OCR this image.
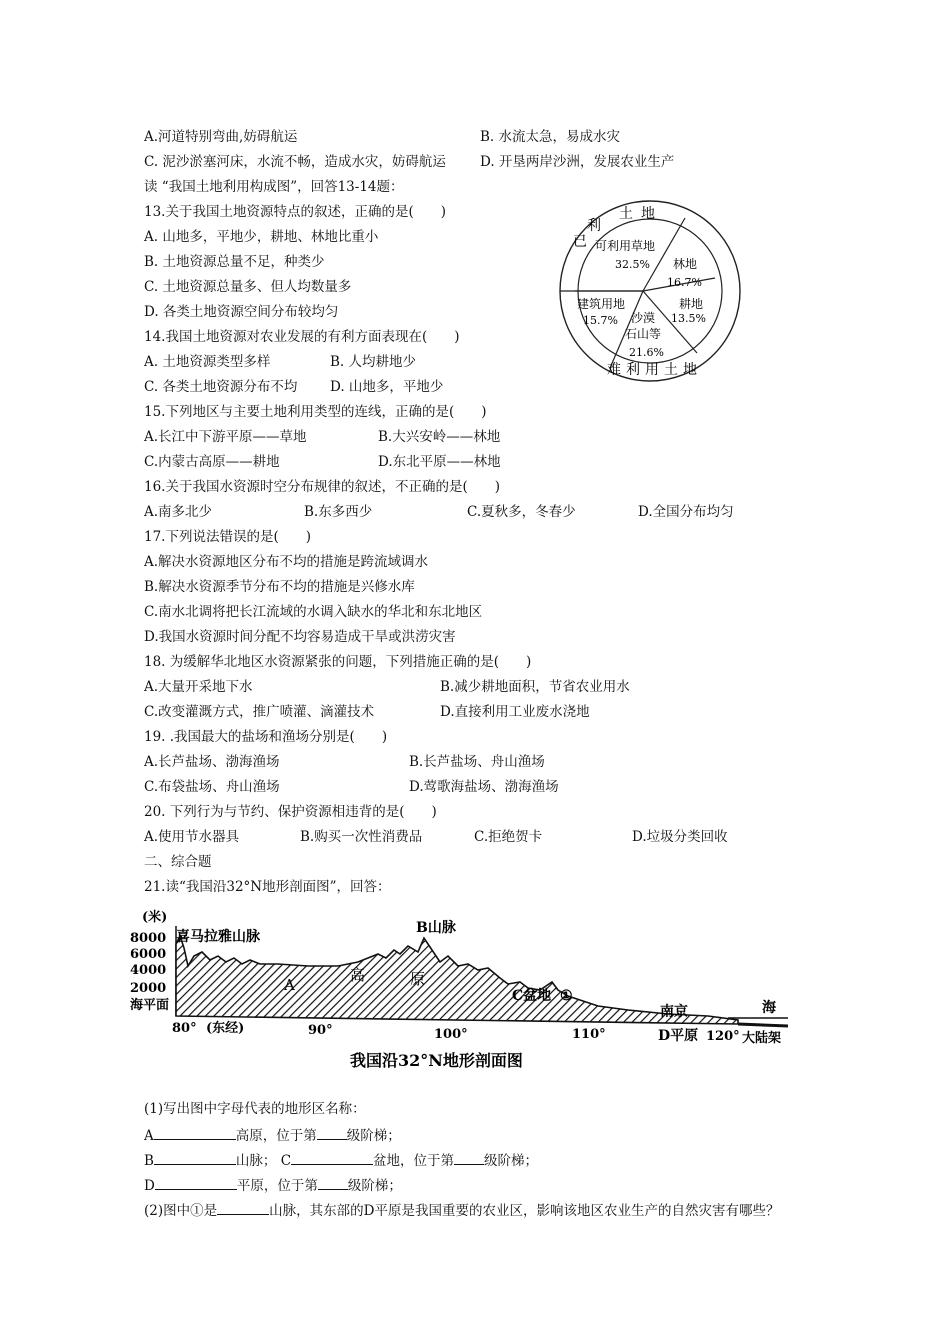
A.河道特别弯曲,妨碍航运	B. 水流太急，易成水灾
C. 泥沙淤塞河床，水流不畅，造成水灾，妨碍航运	D. 开垦两岸沙洲，发展农业生产
读 “我国土地利用构成图”，回答13-14题：
13.关于我国土地资源特点的叙述，正确的是(　　)
A. 山地多，平地少，耕地、林地比重小
B. 土地资源总量不足，种类少
C. 土地资源总量多、但人均数量多
D. 各类土地资源空间分布较均匀
14.我国土地资源对农业发展的有利方面表现在(　　)
A. 土地资源类型多样	B. 人均耕地少
C. 各类土地资源分布不均 D. 山地多，平地少
15.下列地区与主要土地利用类型的连线，正确的是(　　)
A.长江中下游平原——草地	B.大兴安岭——林地
C.内蒙古高原——耕地	D.东北平原——林地
16.关于我国水资源时空分布规律的叙述，不正确的是(　　)
A.南多北少	B.东多西少	C.夏秋多，冬春少	D.全国分布均匀
17.下列说法错误的是(　　)
A.解决水资源地区分布不均的措施是跨流域调水
B.解决水资源季节分布不均的措施是兴修水库
C.南水北调将把长江流域的水调入缺水的华北和东北地区
D.我国水资源时间分配不均容易造成干旱或洪涝灾害
18. 为缓解华北地区水资源紧张的问题，下列措施正确的是(　　)
A.大量开采地下水	B.减少耕地面积，节省农业用水
C.改变灌溉方式，推广喷灌、滴灌技术	D.直接利用工业废水浇地
19. .我国最大的盐场和渔场分别是(　　)
A.长芦盐场、渤海渔场	B.长芦盐场、舟山渔场
C.布袋盐场、舟山渔场	D.莺歌海盐场、渤海渔场
20. 下列行为与节约、保护资源相违背的是(　　)
A.使用节水器具	B.购买一次性消费品	C.拒绝贺卡	D.垃圾分类回收
二、综合题
21.读“我国沿32°N地形剖面图”，回答：
土地
利
已
难利用土地
可利用草地
32.5% 林地
16.7%
耕地
13.5%
沙漠
石山等
21.6%
建筑用地
15.7%
(米)
8000
6000
4000
2000
海平面
喜马拉雅山脉
B山脉
A
高	原
C盆地 ①
南京	海
80° (东经)	90°	100°	110°	D平原 120° 大陆架
我国沿32°N地形剖面图
(1)写出图中字母代表的地形区名称：
A	高原，位于第 级阶梯；
B	山脉； C	盆地，位于第 级阶梯；
D	平原，位于第 级阶梯；
(2)图中①是	山脉，其东部的D平原是我国重要的农业区，影响该地区农业生产的自然灾害有哪些？
